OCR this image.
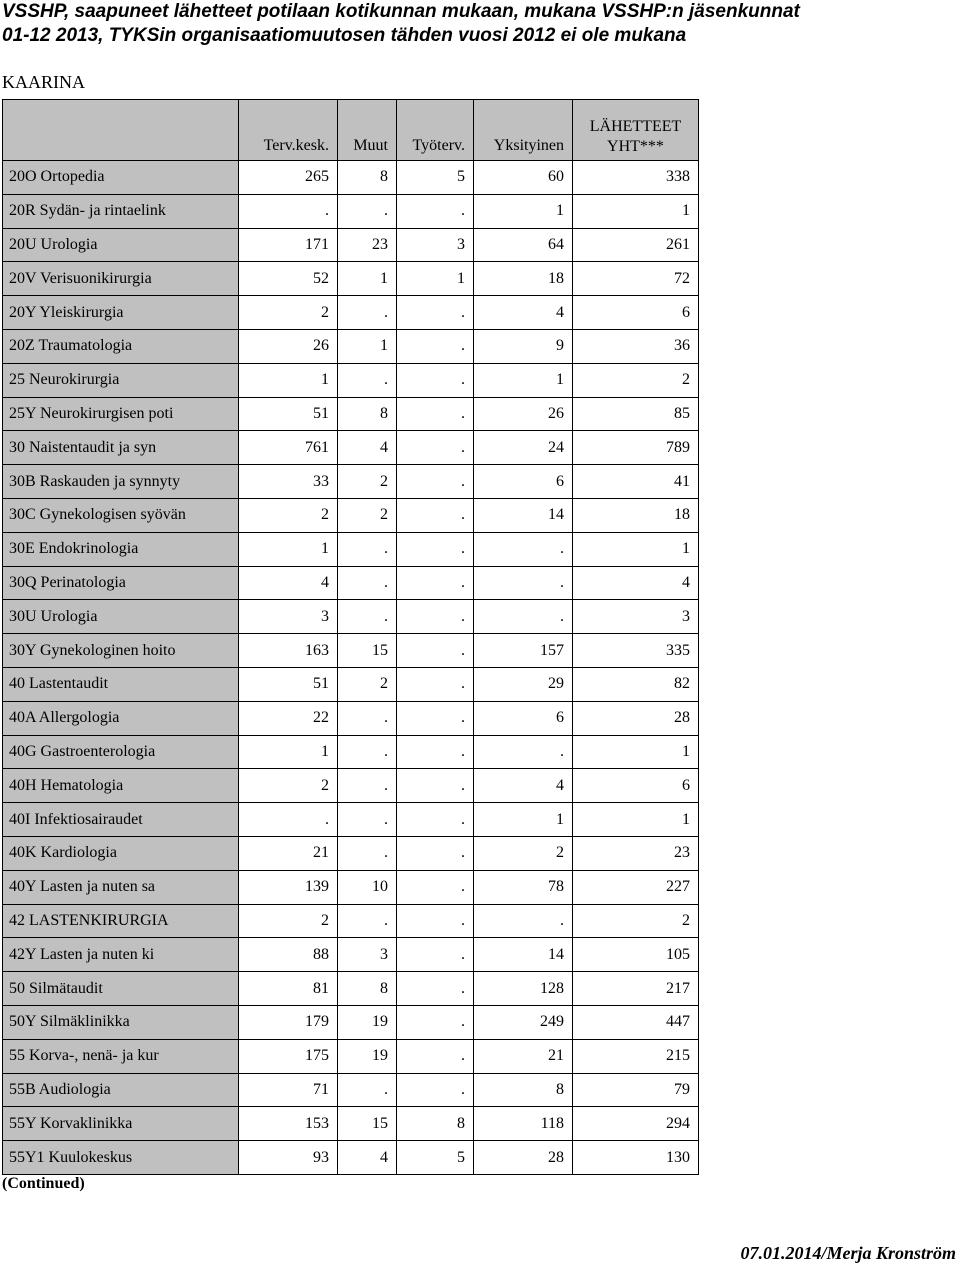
VSSHP, saapuneet lähetteet potilaan kotikunnan mukaan, mukana VSSHP:n jäsenkunnat
01-12 2013, TYKSin organisaatiomuutosen tähden vuosi 2012 ei ole mukana
KAARINA
	Terv.kesk.	Muut	Työterv.	Yksityinen	LÄHETTEET
YHT***

20O Ortopedia	265	8	5	60	338
20R Sydän- ja rintaelink	.	.	.	1	1
20U Urologia	171	23	3	64	261
20V Verisuonikirurgia	52	1	1	18	72
20Y Yleiskirurgia	2	.	.	4	6
20Z Traumatologia	26	1	.	9	36
25 Neurokirurgia	1	.	.	1	2
25Y Neurokirurgisen poti	51	8	.	26	85
30 Naistentaudit ja syn	761	4	.	24	789
30B Raskauden ja synnyty	33	2	.	6	41
30C Gynekologisen syövän	2	2	.	14	18
30E Endokrinologia	1	.	.	.	1
30Q Perinatologia	4	.	.	.	4
30U Urologia	3	.	.	.	3
30Y Gynekologinen hoito	163	15	.	157	335
40 Lastentaudit	51	2	.	29	82
40A Allergologia	22	.	.	6	28
40G Gastroenterologia	1	.	.	.	1
40H Hematologia	2	.	.	4	6
40I Infektiosairaudet	.	.	.	1	1
40K Kardiologia	21	.	.	2	23
40Y Lasten ja nuten sa	139	10	.	78	227
42 LASTENKIRURGIA	2	.	.	.	2
42Y Lasten ja nuten ki	88	3	.	14	105
50 Silmätaudit	81	8	.	128	217
50Y Silmäklinikka	179	19	.	249	447
55 Korva-, nenä- ja kur	175	19	.	21	215
55B Audiologia	71	.	.	8	79
55Y Korvaklinikka	153	15	8	118	294
55Y1 Kuulokeskus	93	4	5	28	130
(Continued)
07.01.2014/Merja Kronström
